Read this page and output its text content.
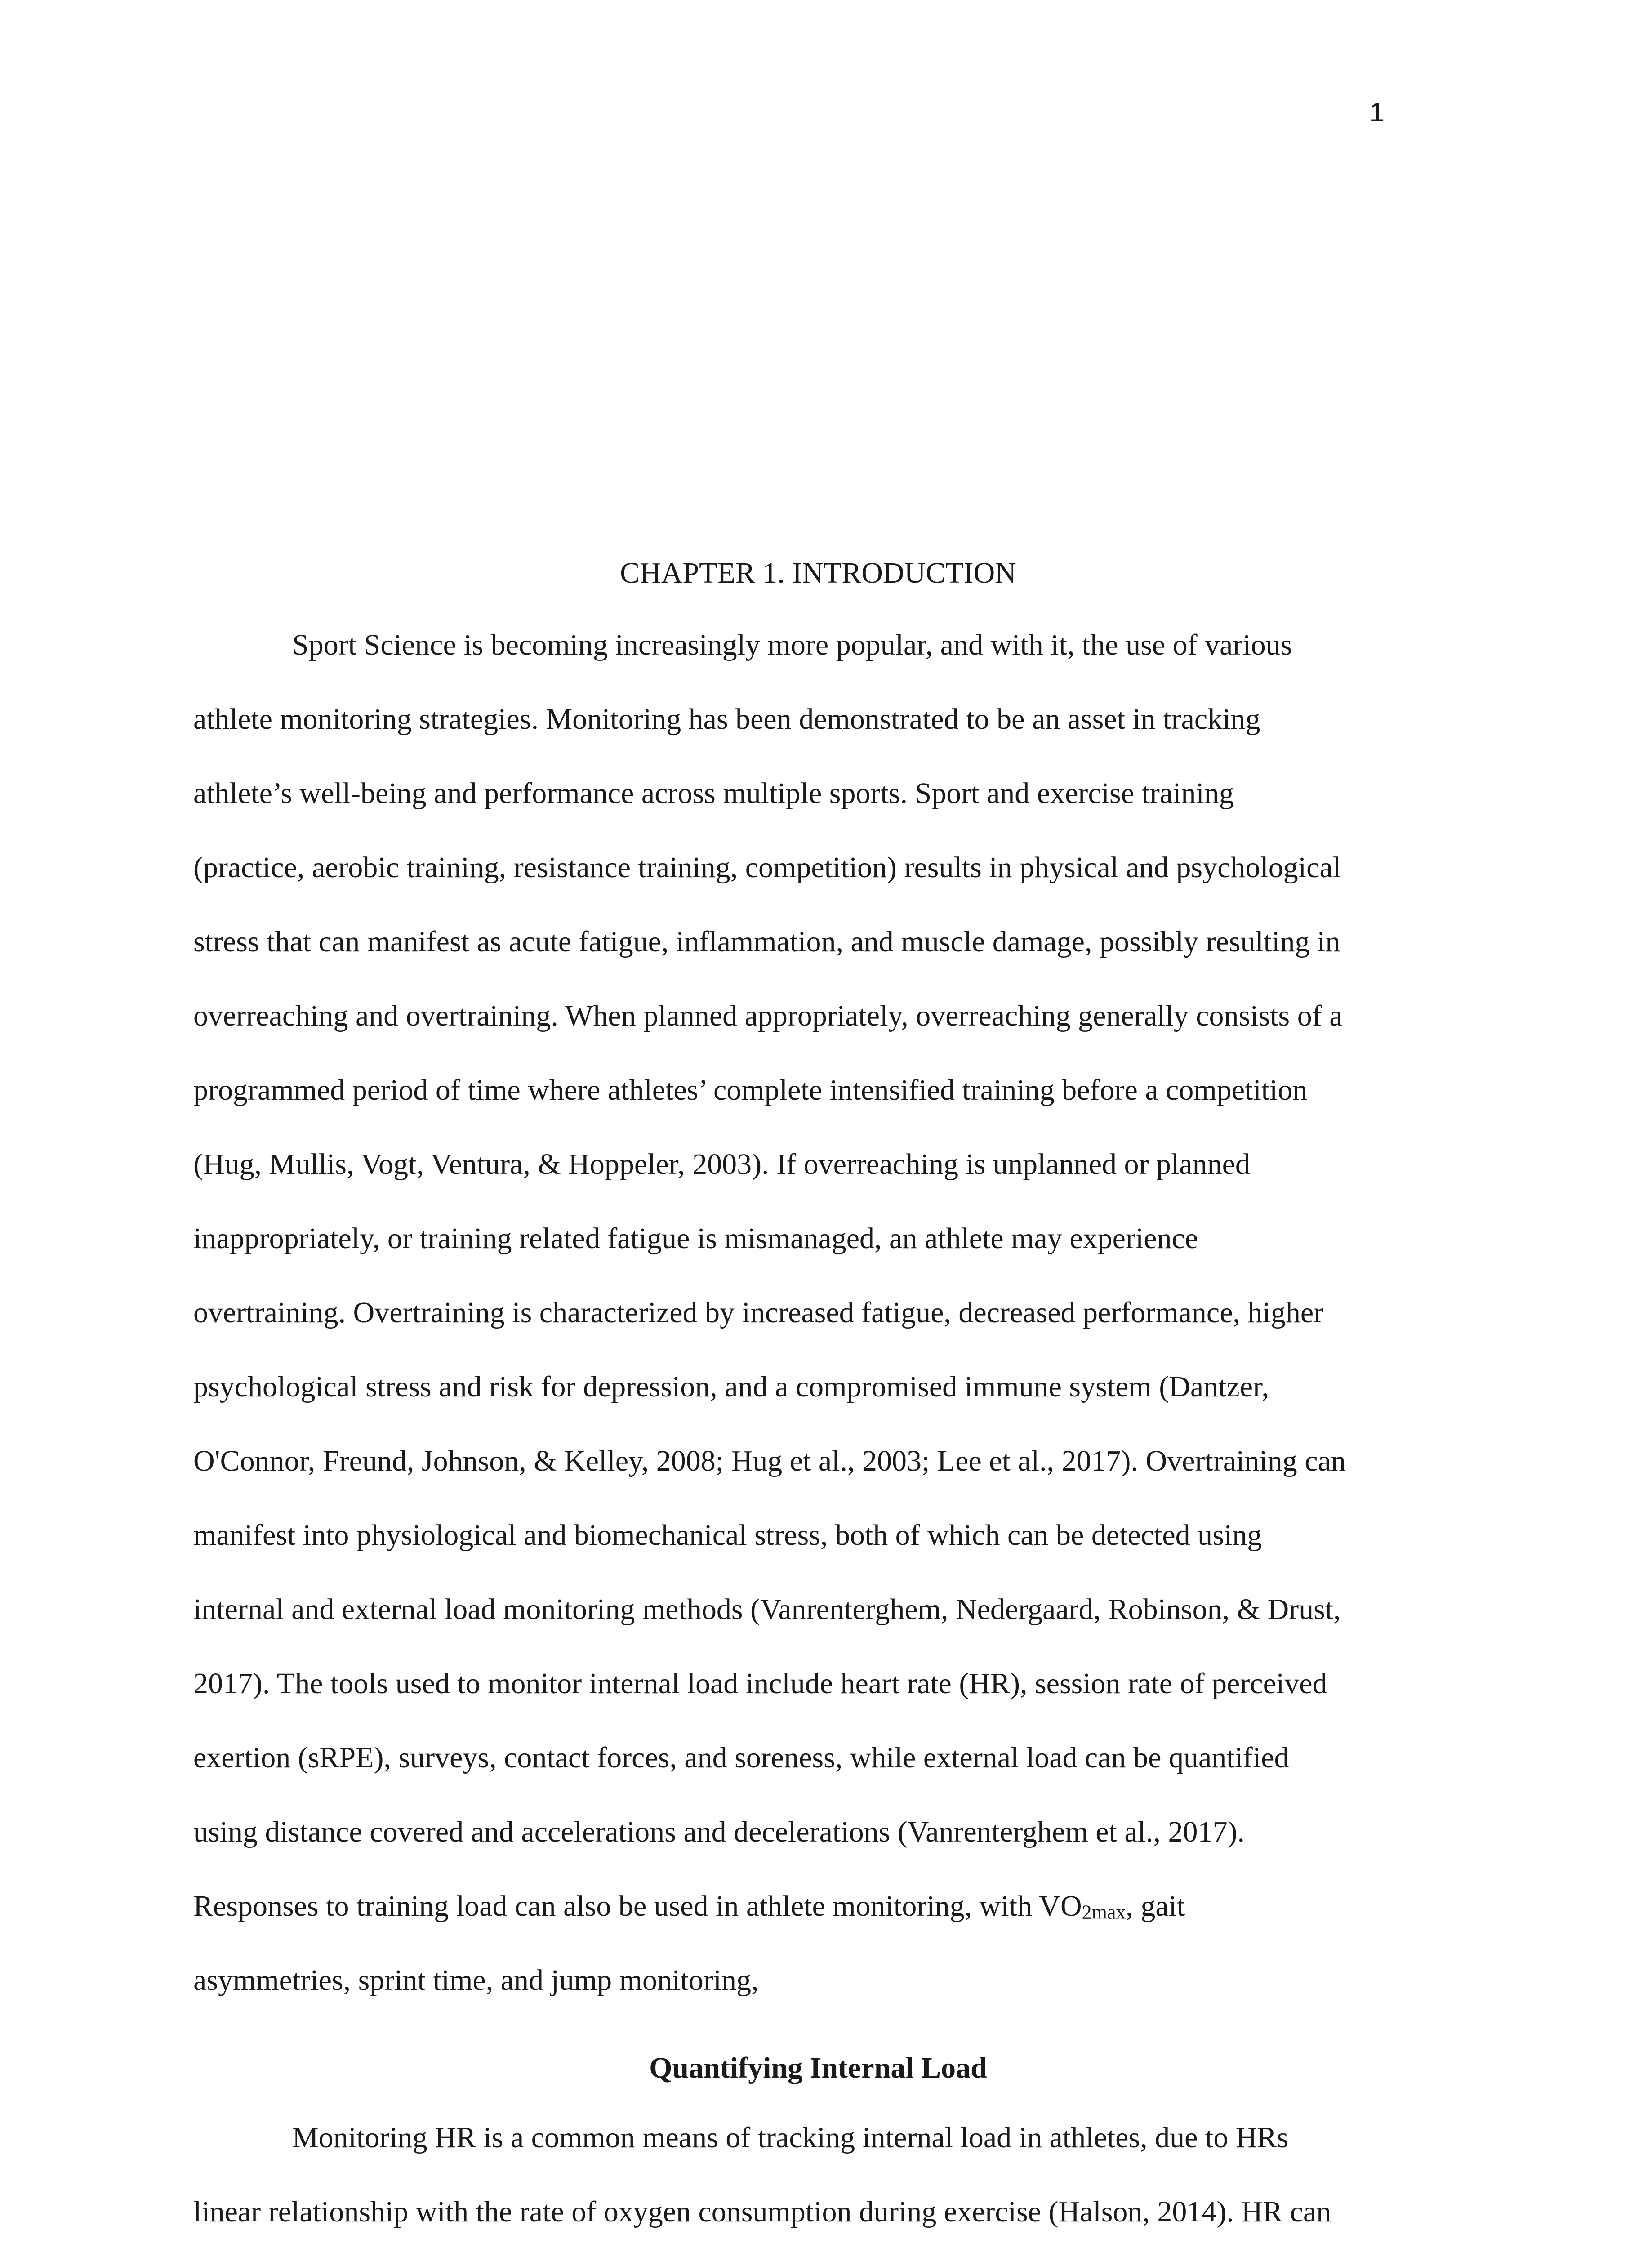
1
CHAPTER 1. INTRODUCTION
Sport Science is becoming increasingly more popular, and with it, the use of various
athlete monitoring strategies. Monitoring has been demonstrated to be an asset in tracking
athlete’s well-being and performance across multiple sports. Sport and exercise training
(practice, aerobic training, resistance training, competition) results in physical and psychological
stress that can manifest as acute fatigue, inflammation, and muscle damage, possibly resulting in
overreaching and overtraining. When planned appropriately, overreaching generally consists of a
programmed period of time where athletes’ complete intensified training before a competition
(Hug, Mullis, Vogt, Ventura, & Hoppeler, 2003). If overreaching is unplanned or planned
inappropriately, or training related fatigue is mismanaged, an athlete may experience
overtraining. Overtraining is characterized by increased fatigue, decreased performance, higher
psychological stress and risk for depression, and a compromised immune system (Dantzer,
O'Connor, Freund, Johnson, & Kelley, 2008; Hug et al., 2003; Lee et al., 2017). Overtraining can
manifest into physiological and biomechanical stress, both of which can be detected using
internal and external load monitoring methods (Vanrenterghem, Nedergaard, Robinson, & Drust,
2017). The tools used to monitor internal load include heart rate (HR), session rate of perceived
exertion (sRPE), surveys, contact forces, and soreness, while external load can be quantified
using distance covered and accelerations and decelerations (Vanrenterghem et al., 2017).
Responses to training load can also be used in athlete monitoring, with VO2max, gait
asymmetries, sprint time, and jump monitoring,
Quantifying Internal Load
Monitoring HR is a common means of tracking internal load in athletes, due to HRs
linear relationship with the rate of oxygen consumption during exercise (Halson, 2014). HR can
